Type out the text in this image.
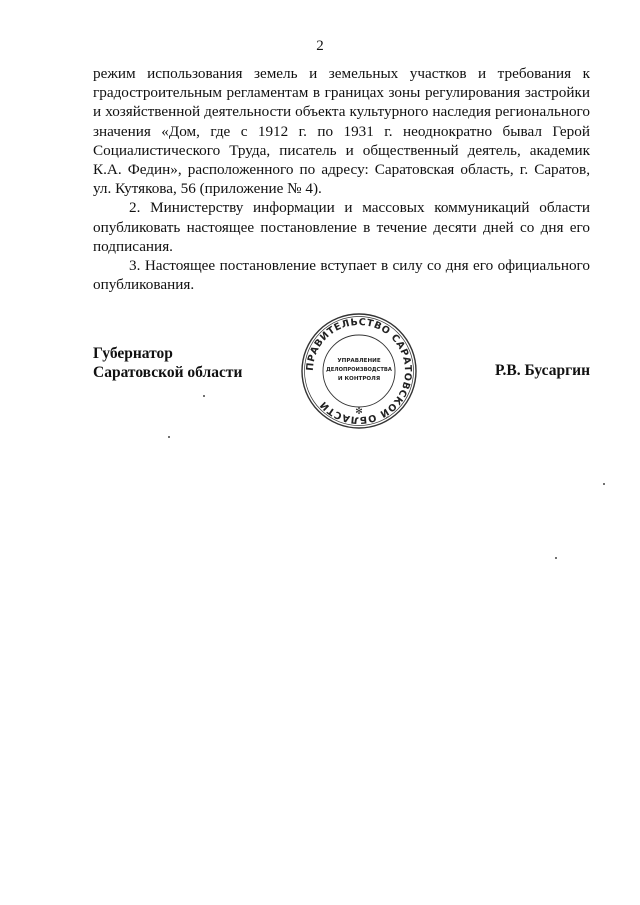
2

режим использования земель и земельных участков и требования к градостроительным регламентам в границах зоны регулирования застройки и хозяйственной деятельности объекта культурного наследия регионального значения «Дом, где с 1912 г. по 1931 г. неоднократно бывал Герой Социалистического Труда, писатель и общественный деятель, академик К.А. Федин», расположенного по адресу: Саратовская область, г. Саратов, ул. Кутякова, 56 (приложение № 4).

2. Министерству информации и массовых коммуникаций области опубликовать настоящее постановление в течение десяти дней со дня его подписания.

3. Настоящее постановление вступает в силу со дня его официального опубликования.

Губернатор
Саратовской области	ПРАВИТЕЛЬСТВО САРАТОВСКОЙ ОБЛАСТИ
УПРАВЛЕНИЕ
ДЕЛОПРОИЗВОДСТВА
И КОНТРОЛЯ
✻
Р.В. Бусаргин
